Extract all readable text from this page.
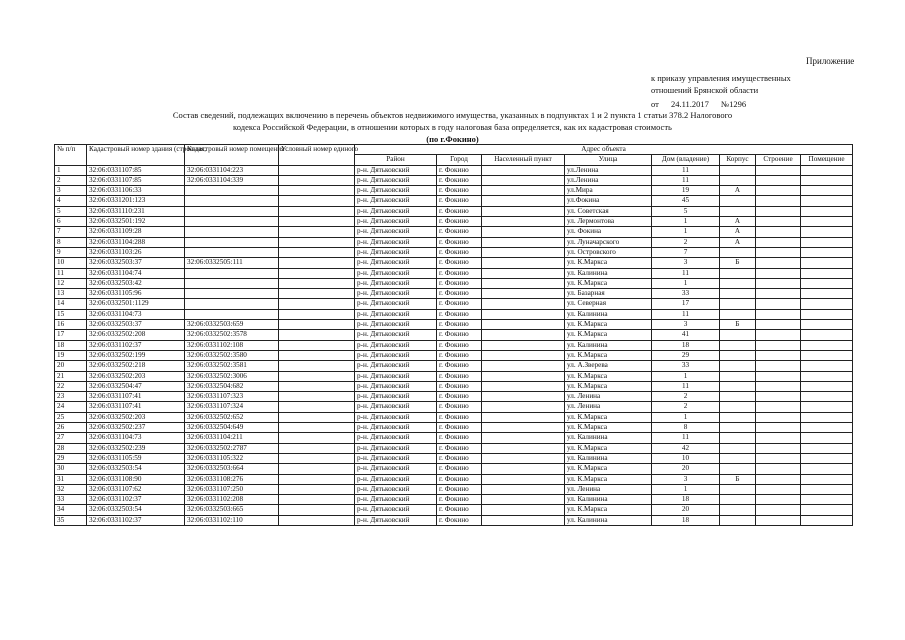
Приложение
к приказу управления имущественных
отношений Брянской области
от 24.11.2017 №1296
Состав сведений, подлежащих включению в перечень объектов недвижимого имущества, указанных в подпунктах 1 и 2 пункта 1 статьи 378.2 Налогового
кодекса Российской Федерации, в отношении которых в году налоговая база определяется, как их кадастровая стоимость
(по г.Фокино)
№ п/п	Кадастровый номер здания (строения,	Кадастровый номер помещения	Условный номер единого	Адрес объекта							
				Район	Город	Населенный пункт	Улица	Дом (владение)	Корпус	Строение	Помещение
1	32:06:0331107:85	32:06:0331104:223		р-н. Дятьковский	г. Фокино		ул.Ленина	11			
2	32:06:0331107:85	32:06:0331104:339		р-н. Дятьковский	г. Фокино		ул.Ленина	11			
3	32:06:0331106:33			р-н. Дятьковский	г. Фокино		ул.Мира	19	А		
4	32:06:0331201:123			р-н. Дятьковский	г. Фокино		ул.Фокина	45			
5	32:06:0331110:231			р-н. Дятьковский	г. Фокино		ул. Советская	5			
6	32:06:0332501:192			р-н. Дятьковский	г. Фокино		ул. Лермонтова	1	А		
7	32:06:0331109:28			р-н. Дятьковский	г. Фокино		ул. Фокина	1	А		
8	32:06:0331104:288			р-н. Дятьковский	г. Фокино		ул. Луначарского	2	А		
9	32:06:0331103:26			р-н. Дятьковский	г. Фокино		ул. Островского	7			
10	32:06:0332503:37	32:06:0332505:111		р-н. Дятьковский	г. Фокино		ул. К.Маркса	3	Б		
11	32:06:0331104:74			р-н. Дятьковский	г. Фокино		ул. Калинина	11			
12	32:06:0332503:42			р-н. Дятьковский	г. Фокино		ул. К.Маркса	1			
13	32:06:0331105:96			р-н. Дятьковский	г. Фокино		ул. Базарная	33			
14	32:06:0332501:1129			р-н. Дятьковский	г. Фокино		ул. Северная	17			
15	32:06:0331104:73			р-н. Дятьковский	г. Фокино		ул. Калинина	11			
16	32:06:0332503:37	32:06:0332503:659		р-н. Дятьковский	г. Фокино		ул. К.Маркса	3	Б		
17	32:06:0332502:208	32:06:0332502:3578		р-н. Дятьковский	г. Фокино		ул. К.Маркса	41			
18	32:06:0331102:37	32:06:0331102:108		р-н. Дятьковский	г. Фокино		ул. Калинина	18			
19	32:06:0332502:199	32:06:0332502:3580		р-н. Дятьковский	г. Фокино		ул. К.Маркса	29			
20	32:06:0332502:218	32:06:0332502:3581		р-н. Дятьковский	г. Фокино		ул. А.Зверева	33			
21	32:06:0332502:203	32:06:0332502:3006		р-н. Дятьковский	г. Фокино		ул. К.Маркса	1			
22	32:06:0332504:47	32:06:0332504:682		р-н. Дятьковский	г. Фокино		ул. К.Маркса	11			
23	32:06:0331107:41	32:06:0331107:323		р-н. Дятьковский	г. Фокино		ул. Ленина	2			
24	32:06:0331107:41	32:06:0331107:324		р-н. Дятьковский	г. Фокино		ул. Ленина	2			
25	32:06:0332502:203	32:06:0332502:652		р-н. Дятьковский	г. Фокино		ул. К.Маркса	1			
26	32:06:0332502:237	32:06:0332504:649		р-н. Дятьковский	г. Фокино		ул. К.Маркса	8			
27	32:06:0331104:73	32:06:0331104:211		р-н. Дятьковский	г. Фокино		ул. Калинина	11			
28	32:06:0332502:239	32:06:0332502:2787		р-н. Дятьковский	г. Фокино		ул. К.Маркса	42			
29	32:06:0331105:59	32:06:0331105:322		р-н. Дятьковский	г. Фокино		ул. Калинина	10			
30	32:06:0332503:54	32:06:0332503:664		р-н. Дятьковский	г. Фокино		ул. К.Маркса	20			
31	32:06:0331108:90	32:06:0331108:276		р-н. Дятьковский	г. Фокино		ул. К.Маркса	3	Б		
32	32:06:0331107:62	32:06:0331107:250		р-н. Дятьковский	г. Фокино		ул. Ленина	1			
33	32:06:0331102:37	32:06:0331102:208		р-н. Дятьковский	г. Фокино		ул. Калинина	18			
34	32:06:0332503:54	32:06:0332503:665		р-н. Дятьковский	г. Фокино		ул. К.Маркса	20			
35	32:06:0331102:37	32:06:0331102:110		р-н. Дятьковский	г. Фокино		ул. Калинина	18			
